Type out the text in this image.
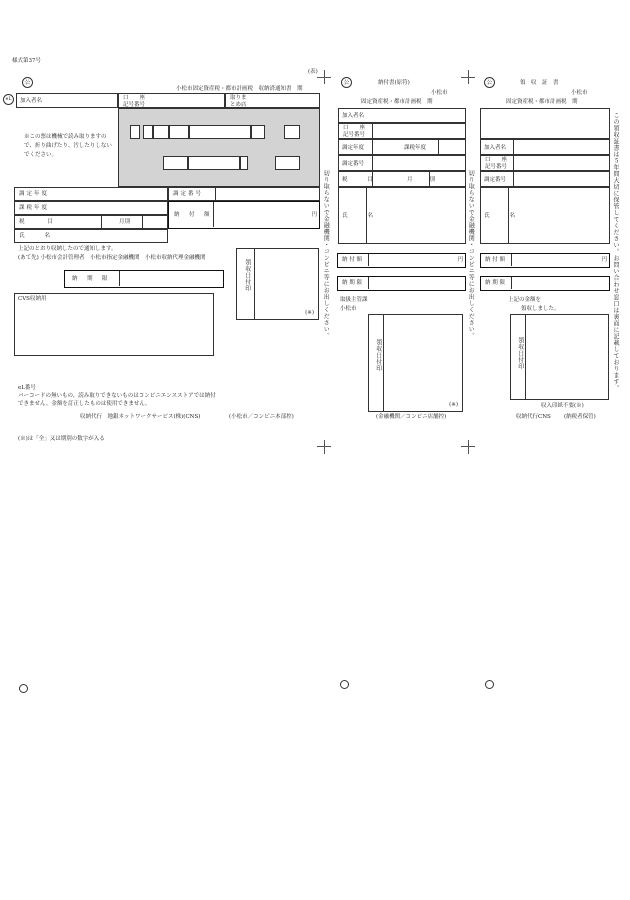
様式第37号
(表)
公
eL
小松市固定資産税・都市計画税　収納済通知書　期
加入者名	口　　座
記号番号
取りま
とめ店
※この票は機械で読み取りますので、折り曲げたり、汚したりしないでください。
調定年度	調定番号
課税年度
税　　目	月別
氏　　名
納　付　額	円
上記のとおり収納したので通知します。
(あて先) 小松市会計管理者　小松市指定金融機関　小松市収納代理金融機関
納　期　限	領収日付印
(※)
CVS収納用
eL番号
バーコードの無いもの、読み取りできないものはコンビニエンスストアでは納付できません。金額を訂正したものは使用できません。
収納代行　地銀ネットワークサービス(株)(CNS)	(小松市／コンビニ本部控)
(※)は「全」又は期別の数字が入る
切り取らないで金融機関・コンビニ等にお出しください。	切り取らないで金融機関・コンビニ等にお出しください。	この領収証書は５年間大切に保管してください。お問い合わせ窓口は裏面に記載しております。
公	納付書(原符)
小松市
固定資産税・都市計画税　期
加入者名
口　　座
記号番号
調定年度	課税年度
調定番号
税　　目	月　　別
氏　　名
納 付 額	円
納 期 限
取扱主管課
小松市
領収日付印
(※)
(金融機関／コンビニ店舗控)
公	領　収　証　書
小松市
固定資産税・都市計画税　期
加入者名
口　　座
記号番号
調定番号
氏　　名
納 付 額	円
納 期 限
上記の金額を
領収しました。
領収日付印
収入印紙不要(※)
収納代行CNS (納税者保管)
